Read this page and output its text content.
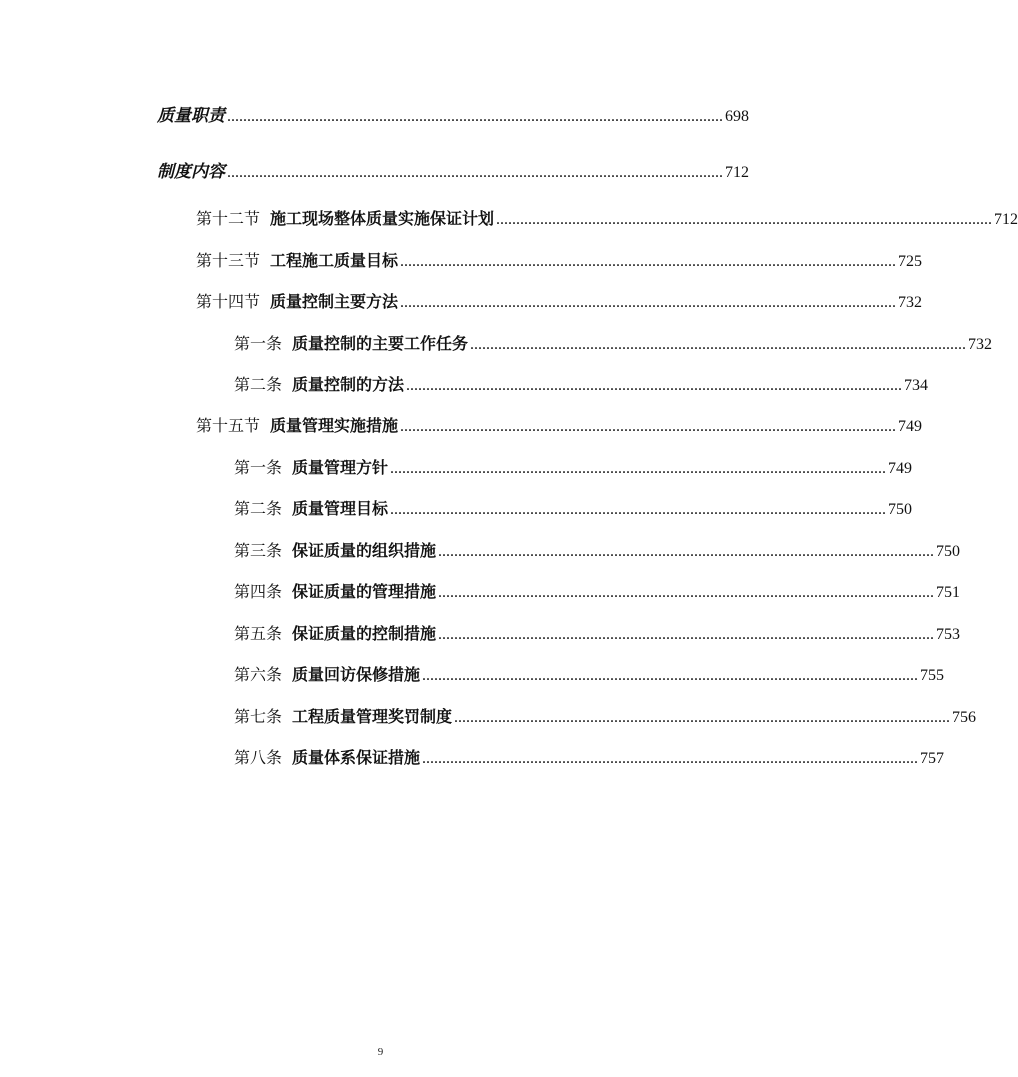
质量职责 ............................................................................................................................ 698
制度内容 ............................................................................................................................ 712
第十二节 施工现场整体质量实施保证计划 ............................................................................................................................ 712
第十三节 工程施工质量目标 ............................................................................................................................ 725
第十四节 质量控制主要方法 ............................................................................................................................ 732
第一条 质量控制的主要工作任务 ............................................................................................................................ 732
第二条 质量控制的方法 ............................................................................................................................ 734
第十五节 质量管理实施措施 ............................................................................................................................ 749
第一条 质量管理方针 ............................................................................................................................ 749
第二条 质量管理目标 ............................................................................................................................ 750
第三条 保证质量的组织措施 ............................................................................................................................ 750
第四条 保证质量的管理措施 ............................................................................................................................ 751
第五条 保证质量的控制措施 ............................................................................................................................ 753
第六条 质量回访保修措施 ............................................................................................................................ 755
第七条 工程质量管理奖罚制度 ............................................................................................................................ 756
第八条 质量体系保证措施 ............................................................................................................................ 757
9
